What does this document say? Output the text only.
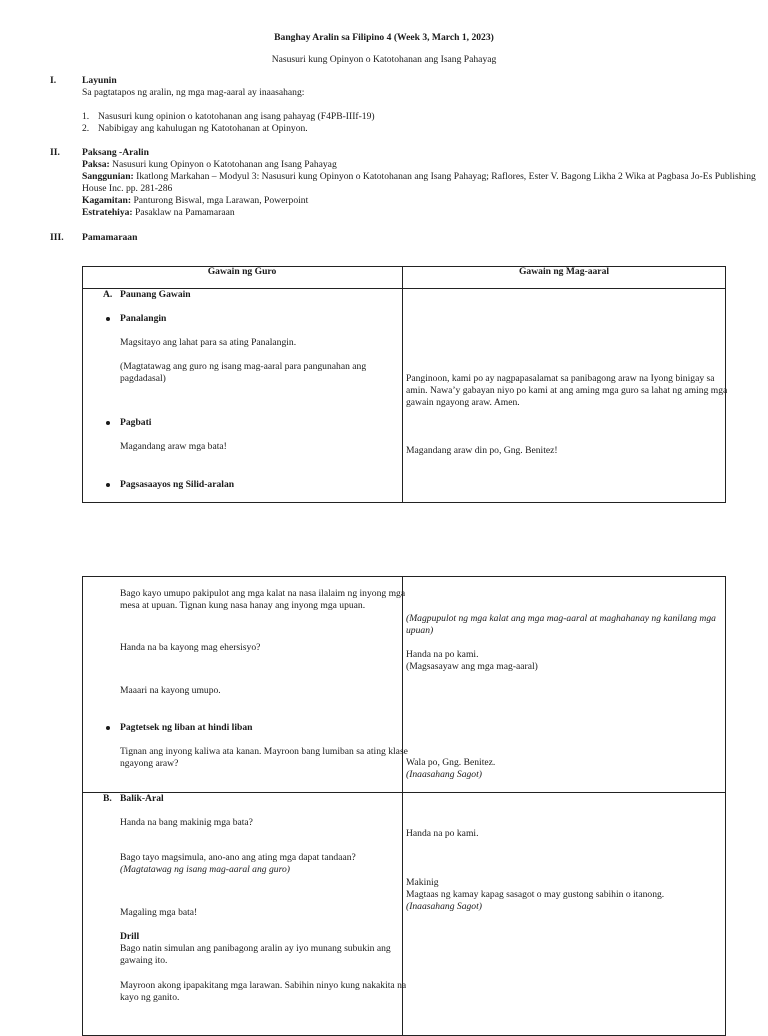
Banghay Aralin sa Filipino 4 (Week 3, March 1, 2023)
Nasusuri kung Opinyon o Katotohanan ang Isang Pahayag
I.	Layunin
Sa pagtatapos ng aralin, ng mga mag-aaral ay inaasahang:
1. Nasusuri kung opinion o katotohanan ang isang pahayag (F4PB-IIIf-19)
2. Nabibigay ang kahulugan ng Katotohanan at Opinyon.
II. Paksang -Aralin
Paksa: Nasusuri kung Opinyon o Katotohanan ang Isang Pahayag
Sanggunian: Ikatlong Markahan – Modyul 3: Nasusuri kung Opinyon o Katotohanan ang Isang Pahayag; Raflores, Ester V. Bagong Likha 2 Wika at Pagbasa Jo-Es Publishing
House Inc. pp. 281-286
Kagamitan: Panturong Biswal, mga Larawan, Powerpoint
Estratehiya: Pasaklaw na Pamamaraan
III. Pamamaraan
Gawain ng Guro	Gawain ng Mag-aaral
A. Paunang Gawain
Panalangin
Magsitayo ang lahat para sa ating Panalangin.
(Magtatawag ang guro ng isang mag-aaral para pangunahan ang
pagdadasal)
Pagbati
Magandang araw mga bata!
Pagsasaayos ng Silid-aralan
Panginoon, kami po ay nagpapasalamat sa panibagong araw na Iyong binigay sa
amin. Nawa’y gabayan niyo po kami at ang aming mga guro sa lahat ng aming mga
gawain ngayong araw. Amen.
Magandang araw din po, Gng. Benitez!
Bago kayo umupo pakipulot ang mga kalat na nasa ilalaim ng inyong mga
mesa at upuan. Tignan kung nasa hanay ang inyong mga upuan.
Handa na ba kayong mag ehersisyo?
Maaari na kayong umupo.
Pagtetsek ng liban at hindi liban
Tignan ang inyong kaliwa ata kanan. Mayroon bang lumiban sa ating klase
ngayong araw?
(Magpupulot ng mga kalat ang mga mag-aaral at maghahanay ng kanilang mga
upuan)
Handa na po kami.
(Magsasayaw ang mga mag-aaral)
Wala po, Gng. Benitez.
(Inaasahang Sagot)
B. Balik-Aral
Handa na bang makinig mga bata?
Bago tayo magsimula, ano-ano ang ating mga dapat tandaan?
(Magtatawag ng isang mag-aaral ang guro)
Magaling mga bata!
Drill
Bago natin simulan ang panibagong aralin ay iyo munang subukin ang
gawaing ito.
Mayroon akong ipapakitang mga larawan. Sabihin ninyo kung nakakita na
kayo ng ganito.
Handa na po kami.
Makinig
Magtaas ng kamay kapag sasagot o may gustong sabihin o itanong.
(Inaasahang Sagot)
